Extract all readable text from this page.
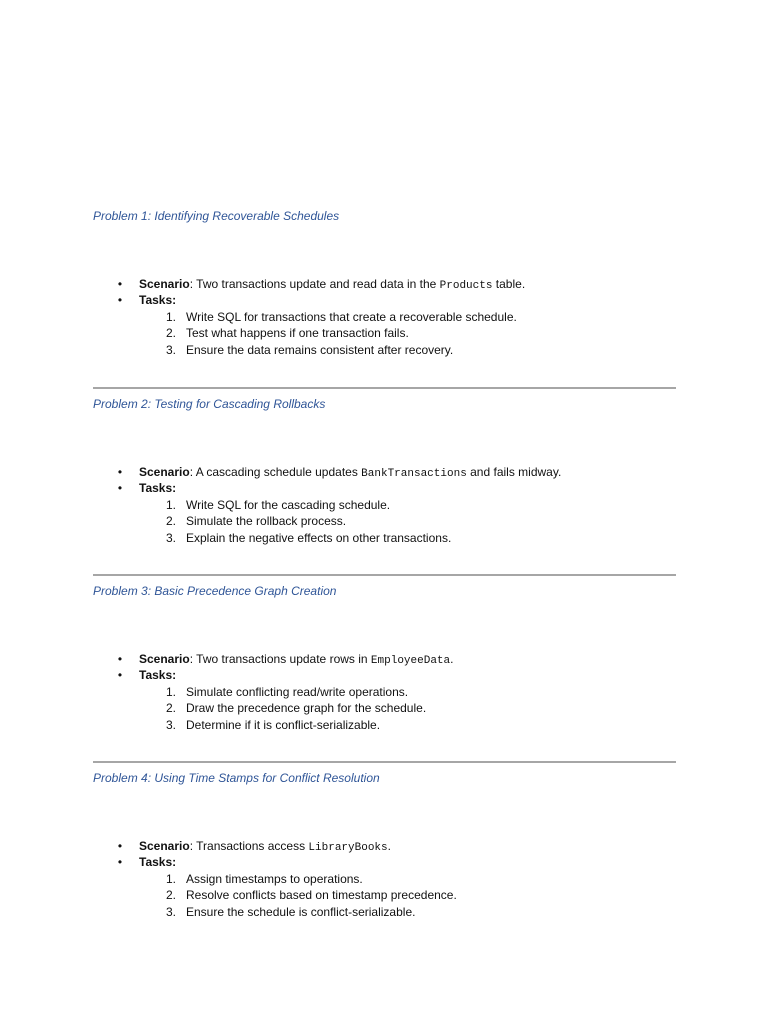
Problem 1: Identifying Recoverable Schedules
• Scenario: Two transactions update and read data in the Products table.
• Tasks:
1. Write SQL for transactions that create a recoverable schedule.
2. Test what happens if one transaction fails.
3. Ensure the data remains consistent after recovery.
Problem 2: Testing for Cascading Rollbacks
• Scenario: A cascading schedule updates BankTransactions and fails midway.
• Tasks:
1. Write SQL for the cascading schedule.
2. Simulate the rollback process.
3. Explain the negative effects on other transactions.
Problem 3: Basic Precedence Graph Creation
• Scenario: Two transactions update rows in EmployeeData.
• Tasks:
1. Simulate conflicting read/write operations.
2. Draw the precedence graph for the schedule.
3. Determine if it is conflict-serializable.
Problem 4: Using Time Stamps for Conflict Resolution
• Scenario: Transactions access LibraryBooks.
• Tasks:
1. Assign timestamps to operations.
2. Resolve conflicts based on timestamp precedence.
3. Ensure the schedule is conflict-serializable.
